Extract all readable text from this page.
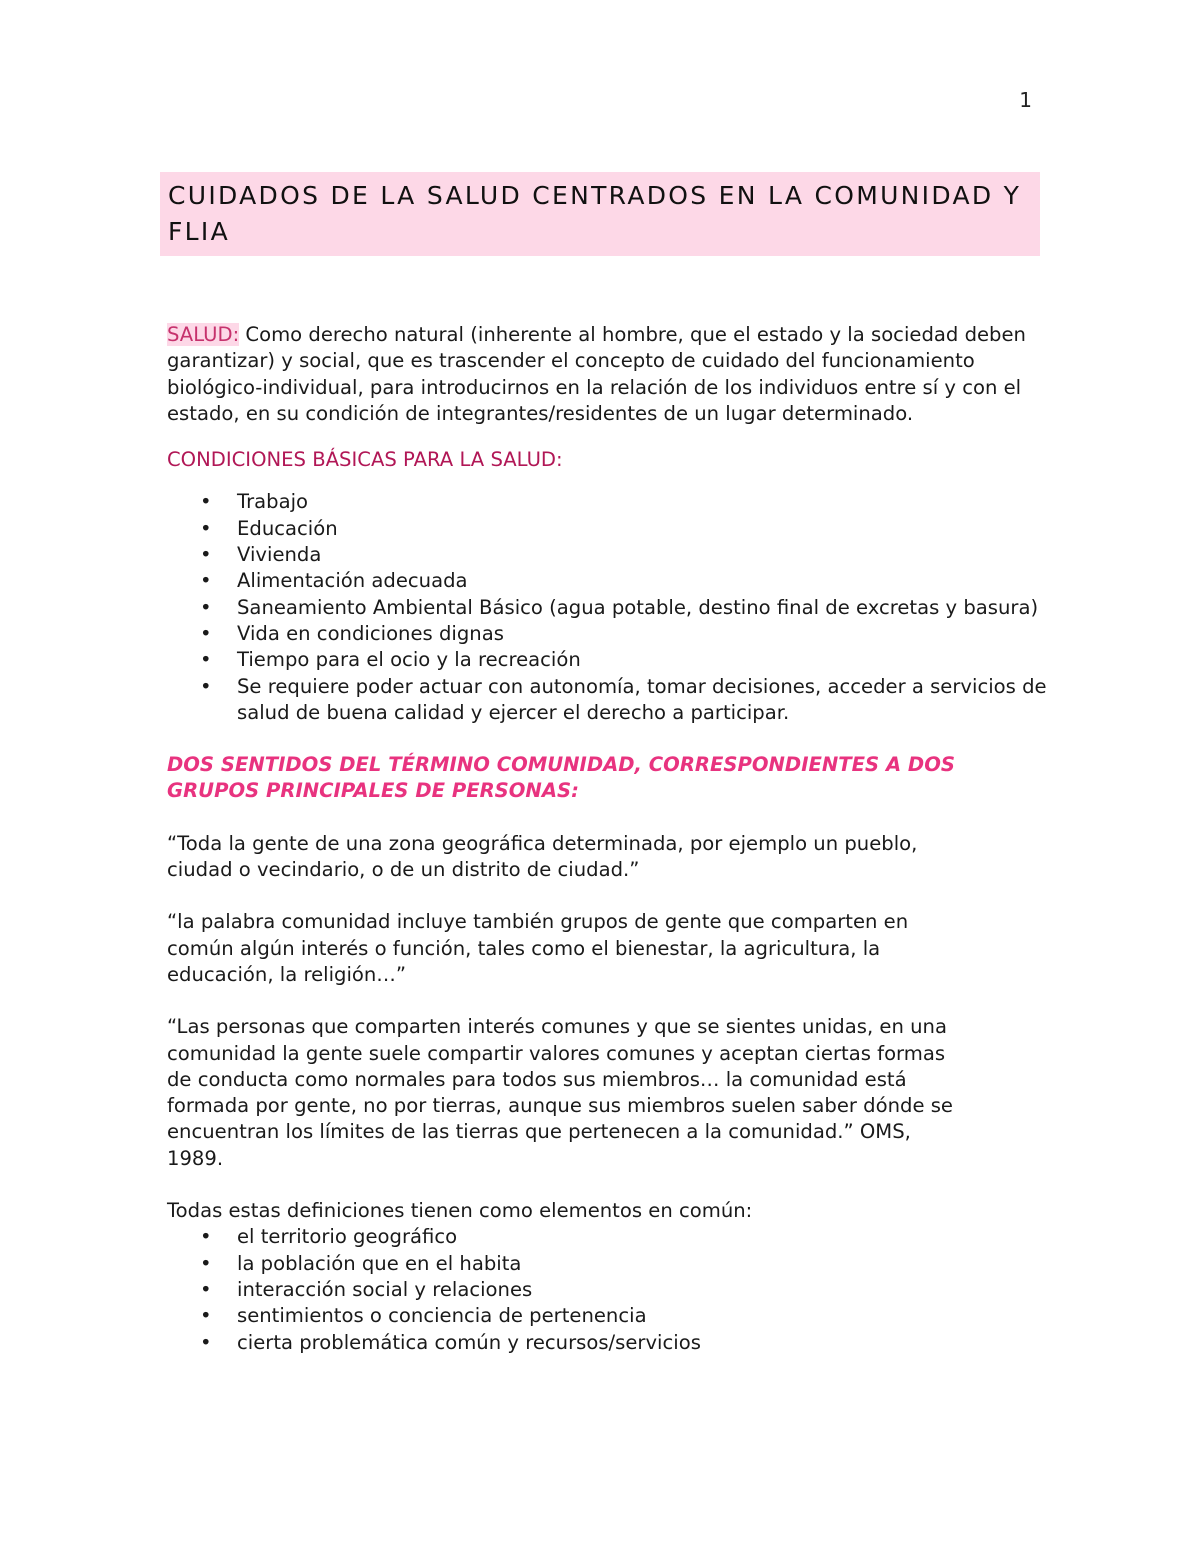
1
CUIDADOS DE LA SALUD CENTRADOS EN LA COMUNIDAD Y FLIA

SALUD: Como derecho natural (inherente al hombre, que el estado y la sociedad deben garantizar) y social, que es trascender el concepto de cuidado del funcionamiento biológico-individual, para introducirnos en la relación de los individuos entre sí y con el estado, en su condición de integrantes/residentes de un lugar determinado.

CONDICIONES BÁSICAS PARA LA SALUD:

• Trabajo
• Educación
• Vivienda
• Alimentación adecuada
• Saneamiento Ambiental Básico (agua potable, destino final de excretas y basura)
• Vida en condiciones dignas
• Tiempo para el ocio y la recreación
• Se requiere poder actuar con autonomía, tomar decisiones, acceder a servicios de salud de buena calidad y ejercer el derecho a participar.

DOS SENTIDOS DEL TÉRMINO COMUNIDAD, CORRESPONDIENTES A DOS GRUPOS PRINCIPALES DE PERSONAS:

“Toda la gente de una zona geográfica determinada, por ejemplo un pueblo, ciudad o vecindario, o de un distrito de ciudad.”

“la palabra comunidad incluye también grupos de gente que comparten en común algún interés o función, tales como el bienestar, la agricultura, la educación, la religión…”

“Las personas que comparten interés comunes y que se sientes unidas, en una comunidad la gente suele compartir valores comunes y aceptan ciertas formas de conducta como normales para todos sus miembros… la comunidad está formada por gente, no por tierras, aunque sus miembros suelen saber dónde se encuentran los límites de las tierras que pertenecen a la comunidad.” OMS, 1989.

Todas estas definiciones tienen como elementos en común:

• el territorio geográfico
• la población que en el habita
• interacción social y relaciones
• sentimientos o conciencia de pertenencia
• cierta problemática común y recursos/servicios
